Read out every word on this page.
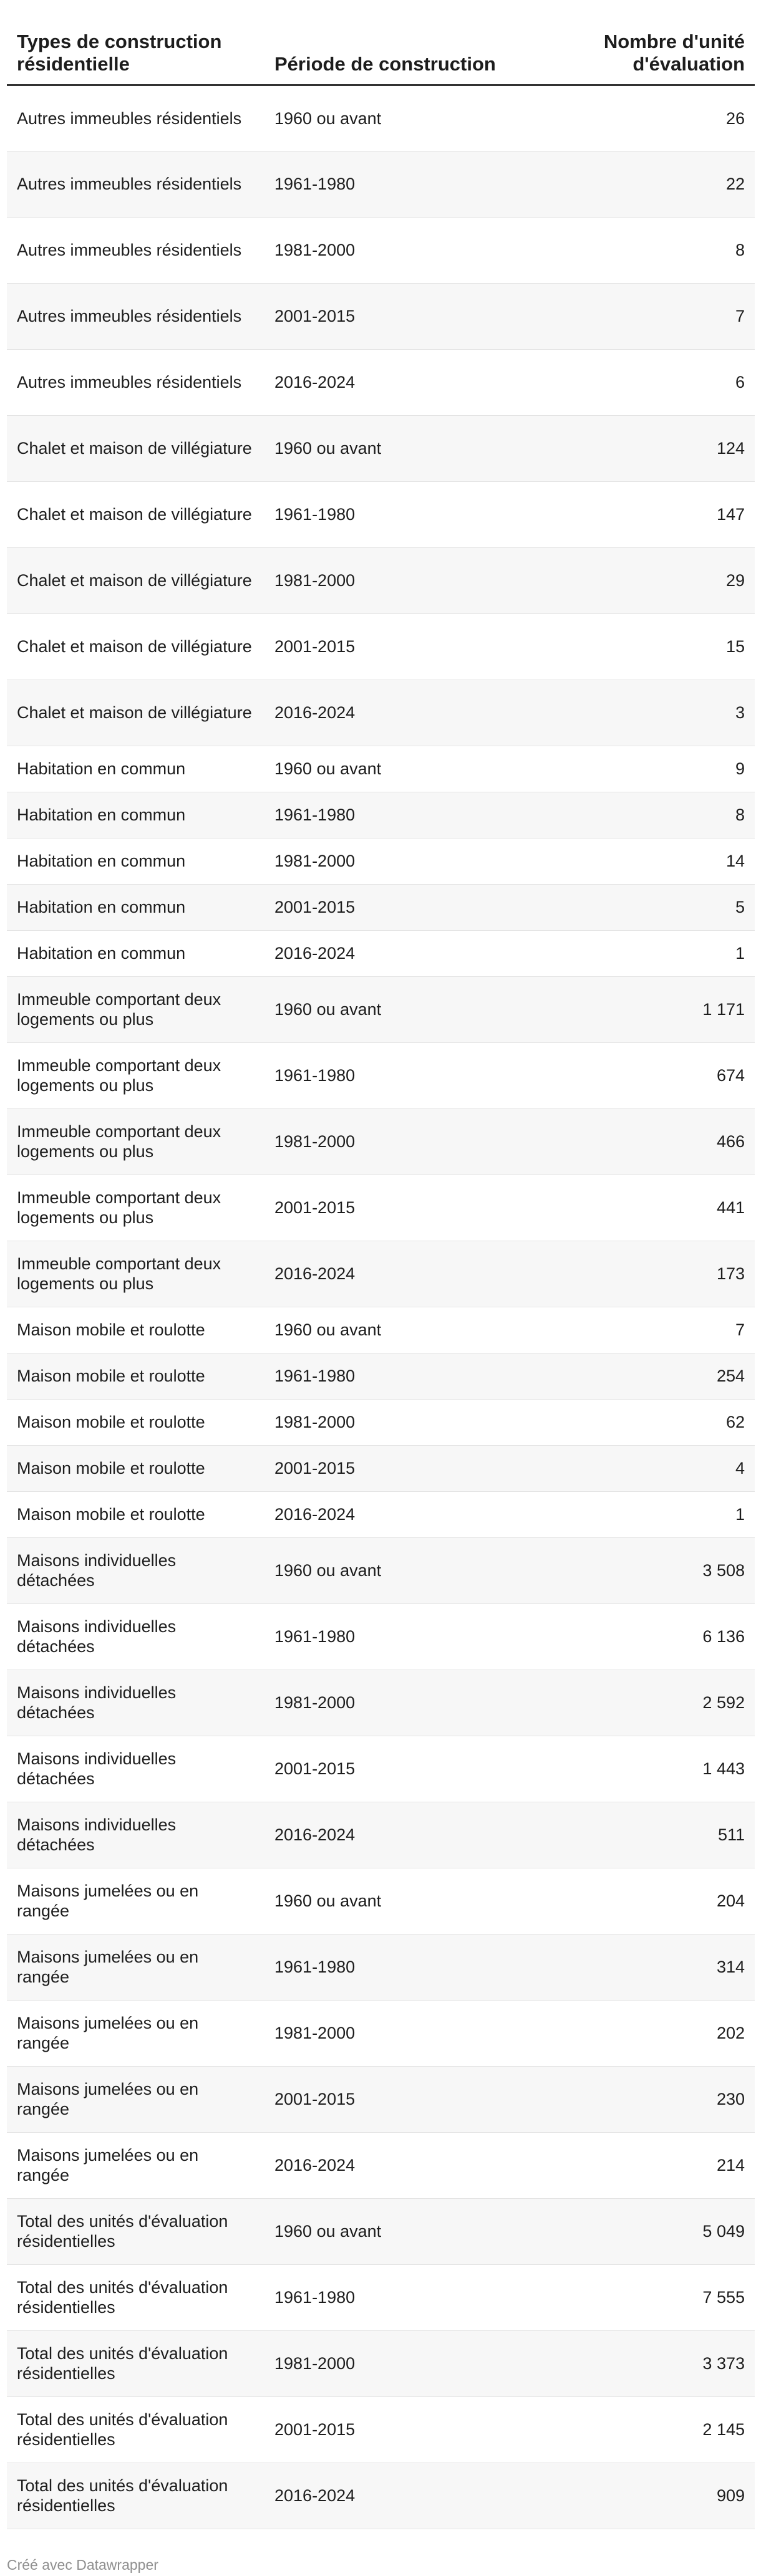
Types de construction résidentielle	Période de construction	Nombre d'unité d'évaluation
Autres immeubles résidentiels	1960 ou avant	26
Autres immeubles résidentiels	1961-1980	22
Autres immeubles résidentiels	1981-2000	8
Autres immeubles résidentiels	2001-2015	7
Autres immeubles résidentiels	2016-2024	6
Chalet et maison de villégiature	1960 ou avant	124
Chalet et maison de villégiature	1961-1980	147
Chalet et maison de villégiature	1981-2000	29
Chalet et maison de villégiature	2001-2015	15
Chalet et maison de villégiature	2016-2024	3
Habitation en commun	1960 ou avant	9
Habitation en commun	1961-1980	8
Habitation en commun	1981-2000	14
Habitation en commun	2001-2015	5
Habitation en commun	2016-2024	1
Immeuble comportant deux logements ou plus	1960 ou avant	1 171
Immeuble comportant deux logements ou plus	1961-1980	674
Immeuble comportant deux logements ou plus	1981-2000	466
Immeuble comportant deux logements ou plus	2001-2015	441
Immeuble comportant deux logements ou plus	2016-2024	173
Maison mobile et roulotte	1960 ou avant	7
Maison mobile et roulotte	1961-1980	254
Maison mobile et roulotte	1981-2000	62
Maison mobile et roulotte	2001-2015	4
Maison mobile et roulotte	2016-2024	1
Maisons individuelles détachées	1960 ou avant	3 508
Maisons individuelles détachées	1961-1980	6 136
Maisons individuelles détachées	1981-2000	2 592
Maisons individuelles détachées	2001-2015	1 443
Maisons individuelles détachées	2016-2024	511
Maisons jumelées ou en rangée	1960 ou avant	204
Maisons jumelées ou en rangée	1961-1980	314
Maisons jumelées ou en rangée	1981-2000	202
Maisons jumelées ou en rangée	2001-2015	230
Maisons jumelées ou en rangée	2016-2024	214
Total des unités d'évaluation résidentielles	1960 ou avant	5 049
Total des unités d'évaluation résidentielles	1961-1980	7 555
Total des unités d'évaluation résidentielles	1981-2000	3 373
Total des unités d'évaluation résidentielles	2001-2015	2 145
Total des unités d'évaluation résidentielles	2016-2024	909
Créé avec Datawrapper
